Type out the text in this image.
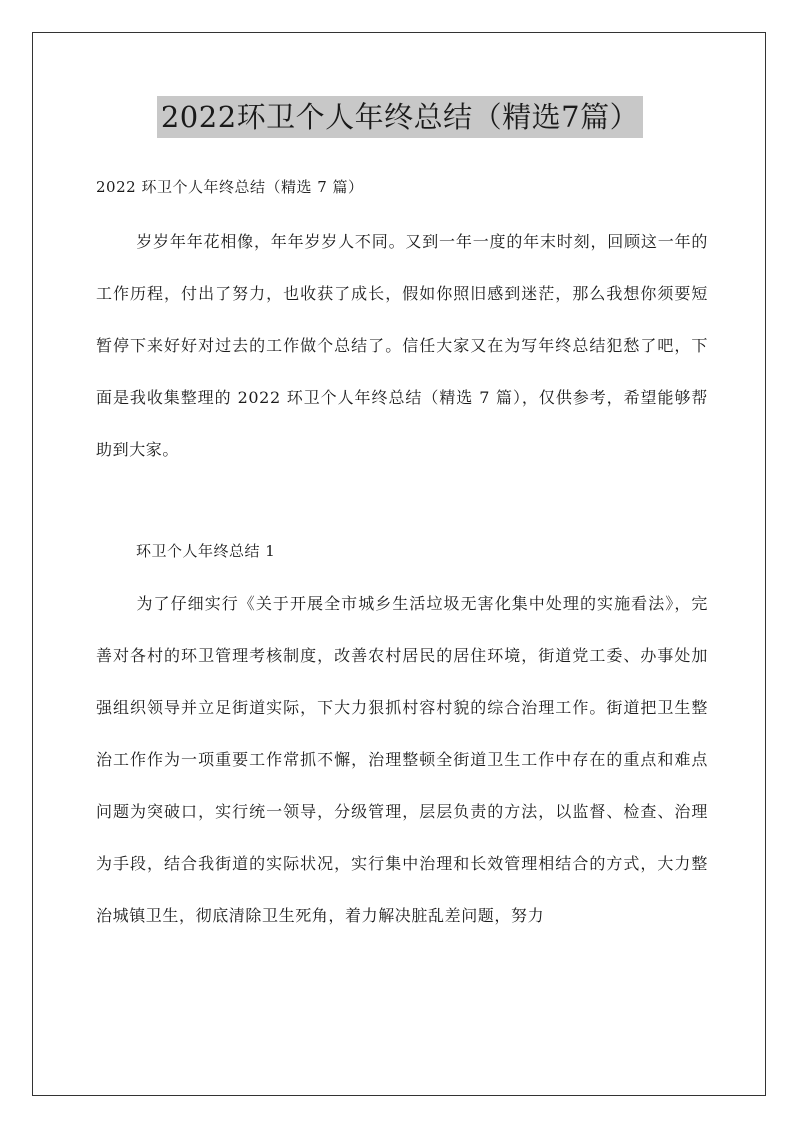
2022环卫个人年终总结（精选7篇）
2022 环卫个人年终总结（精选 7 篇）

岁岁年年花相像，年年岁岁人不同。又到一年一度的年末时刻，回顾这一年的工作历程，付出了努力，也收获了成长，假如你照旧感到迷茫，那么我想你须要短暂停下来好好对过去的工作做个总结了。信任大家又在为写年终总结犯愁了吧，下面是我收集整理的 2022 环卫个人年终总结（精选 7 篇），仅供参考，希望能够帮助到大家。

环卫个人年终总结 1

为了仔细实行《关于开展全市城乡生活垃圾无害化集中处理的实施看法》，完善对各村的环卫管理考核制度，改善农村居民的居住环境，街道党工委、办事处加强组织领导并立足街道实际，下大力狠抓村容村貌的综合治理工作。街道把卫生整治工作作为一项重要工作常抓不懈，治理整顿全街道卫生工作中存在的重点和难点问题为突破口，实行统一领导，分级管理，层层负责的方法，以监督、检查、治理为手段，结合我街道的实际状况，实行集中治理和长效管理相结合的方式，大力整治城镇卫生，彻底清除卫生死角，着力解决脏乱差问题，努力
